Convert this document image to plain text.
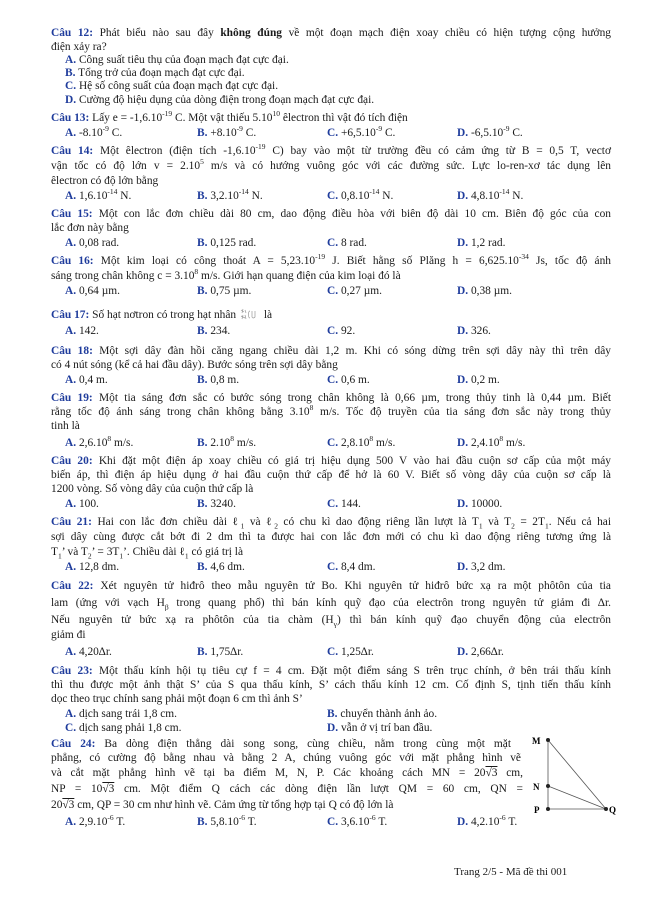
Câu 12: Phát biểu nào sau đây không đúng về một đoạn mạch điện xoay chiều có hiện tượng cộng hưởng
điện xảy ra?
A. Công suất tiêu thụ của đoạn mạch đạt cực đại.
B. Tổng trở của đoạn mạch đạt cực đại.
C. Hệ số công suất của đoạn mạch đạt cực đại.
D. Cường độ hiệu dụng của dòng điện trong đoạn mạch đạt cực đại.
Câu 13: Lấy $e = -1,6.10^{-19}$ C. Một vật thiếu 5.10$^{10}$ êlectron thì vật đó tích điện
A. $-8.10^{-9}$ C.	B. $+8.10^{-9}$ C.	C. $+6,5.10^{-9}$ C.	D. $-6,5.10^{-9}$ C.
Câu 14: Một êlectron (điện tích $-1,6.10^{-19}$ C) bay vào một từ trường đều có cảm ứng từ B = 0,5 T, vectơ
vận tốc có độ lớn $v = 2.10^5$ m/s và có hướng vuông góc với các đường sức. Lực lo-ren-xơ tác dụng lên
êlectron có độ lớn bằng
A. $1,6.10^{-14}$ N.	B. $3,2.10^{-14}$ N.	C. $0,8.10^{-14}$ N.	D. $4,8.10^{-14}$ N.
Câu 15: Một con lắc đơn chiều dài 80 cm, dao động điều hòa với biên độ dài 10 cm. Biên độ góc của con
lắc đơn này bằng
A. 0,08 rad.	B. 0,125 rad.	C. 8 rad.	D. 1,2 rad.
Câu 16: Một kim loại có công thoát $A = 5,23.10^{-19}$ J. Biết hằng số Plăng $h = 6,625.10^{-34}$ Js, tốc độ ánh
sáng trong chân không $c = 3.10^8$ m/s. Giới hạn quang điện của kim loại đó là
A. 0,64 µm.	B. 0,75 µm.	C. 0,27 µm.	D. 0,38 µm.
Câu 17: Số hạt nơtron có trong hạt nhân là
A. 142.	B. 234.	C. 92.	D. 326.
Câu 18: Một sợi dây đàn hồi căng ngang chiều dài 1,2 m. Khi có sóng dừng trên sợi dây này thì trên dây
có 4 nút sóng (kể cả hai đầu dây). Bước sóng trên sợi dây bằng
A. 0,4 m.	B. 0,8 m.	C. 0,6 m.	D. 0,2 m.
Câu 19: Một tia sáng đơn sắc có bước sóng trong chân không là 0,66 µm, trong thủy tinh là 0,44 µm. Biết
rằng tốc độ ánh sáng trong chân không bằng 3.10$^8$ m/s. Tốc độ truyền của tia sáng đơn sắc này trong thủy
tinh là
A. 2,6.10$^8$ m/s.	B. 2.10$^8$ m/s.	C. 2,8.10$^8$ m/s.	D. 2,4.10$^8$ m/s.
Câu 20: Khi đặt một điện áp xoay chiều có giá trị hiệu dụng 500 V vào hai đầu cuộn sơ cấp của một máy
biến áp, thì điện áp hiệu dụng ở hai đầu cuộn thứ cấp để hở là 60 V. Biết số vòng dây của cuộn sơ cấp là
1200 vòng. Số vòng dây của cuộn thứ cấp là
A. 100.	B. 3240.	C. 144.	D. 10000.
Câu 21: Hai con lắc đơn chiều dài ℓ$_1$ và ℓ$_2$ có chu kì dao động riêng lần lượt là $T_1$ và $T_2 = 2T_1$. Nếu cả hai
sợi dây cùng được cắt bớt đi 2 dm thì ta được hai con lắc đơn mới có chu kì dao động riêng tương ứng là
$T_1$’ và $T_2$’ = $3T_1$’. Chiều dài ℓ$_1$ có giá trị là
A. 12,8 dm.	B. 4,6 dm.	C. 8,4 dm.	D. 3,2 dm.
Câu 22: Xét nguyên tử hiđrô theo mẫu nguyên tử Bo. Khi nguyên tử hiđrô bức xạ ra một phôtôn của tia
lam (ứng với vạch $H_\beta$ trong quang phổ) thì bán kính quỹ đạo của electrôn trong nguyên tử giảm đi ∆r.
Nếu nguyên tử bức xạ ra phôtôn của tia chàm $(H_\gamma)$ thì bán kính quỹ đạo chuyển động của electrôn
giảm đi
A. 4,20∆r.	B. 1,75∆r.	C. 1,25∆r.	D. 2,66∆r.
Câu 23: Một thấu kính hội tụ tiêu cự f = 4 cm. Đặt một điểm sáng S trên trục chính, ở bên trái thấu kính
thì thu được một ảnh thật S’ của S qua thấu kính, S’ cách thấu kính 12 cm. Cố định S, tịnh tiến thấu kính
dọc theo trục chính sang phải một đoạn 6 cm thì ảnh S’
A. dịch sang trái 1,8 cm.	B. chuyển thành ảnh ảo.
C. dịch sang phải 1,8 cm.	D. vẫn ở vị trí ban đầu.
Câu 24: Ba dòng điện thẳng dài song song, cùng chiều, nằm trong cùng một mặt
phẳng, có cường độ bằng nhau và bằng 2 A, chúng vuông góc với mặt phẳng hình vẽ
và cắt mặt phẳng hình vẽ tại ba điểm M, N, P. Các khoảng cách MN = 20√3 cm,
NP = 10√3 cm. Một điểm Q cách các dòng điện lần lượt QM = 60 cm, QN =
20√3 cm, QP = 30 cm như hình vẽ. Cảm ứng từ tổng hợp tại Q có độ lớn là
A. $2,9.10^{-6}$ T.	B. $5,8.10^{-6}$ T.	C. $3,6.10^{-6}$ T.	D. $4,2.10^{-6}$ T.
M
N
P	Q
Trang 2/5 - Mã đề thi 001
